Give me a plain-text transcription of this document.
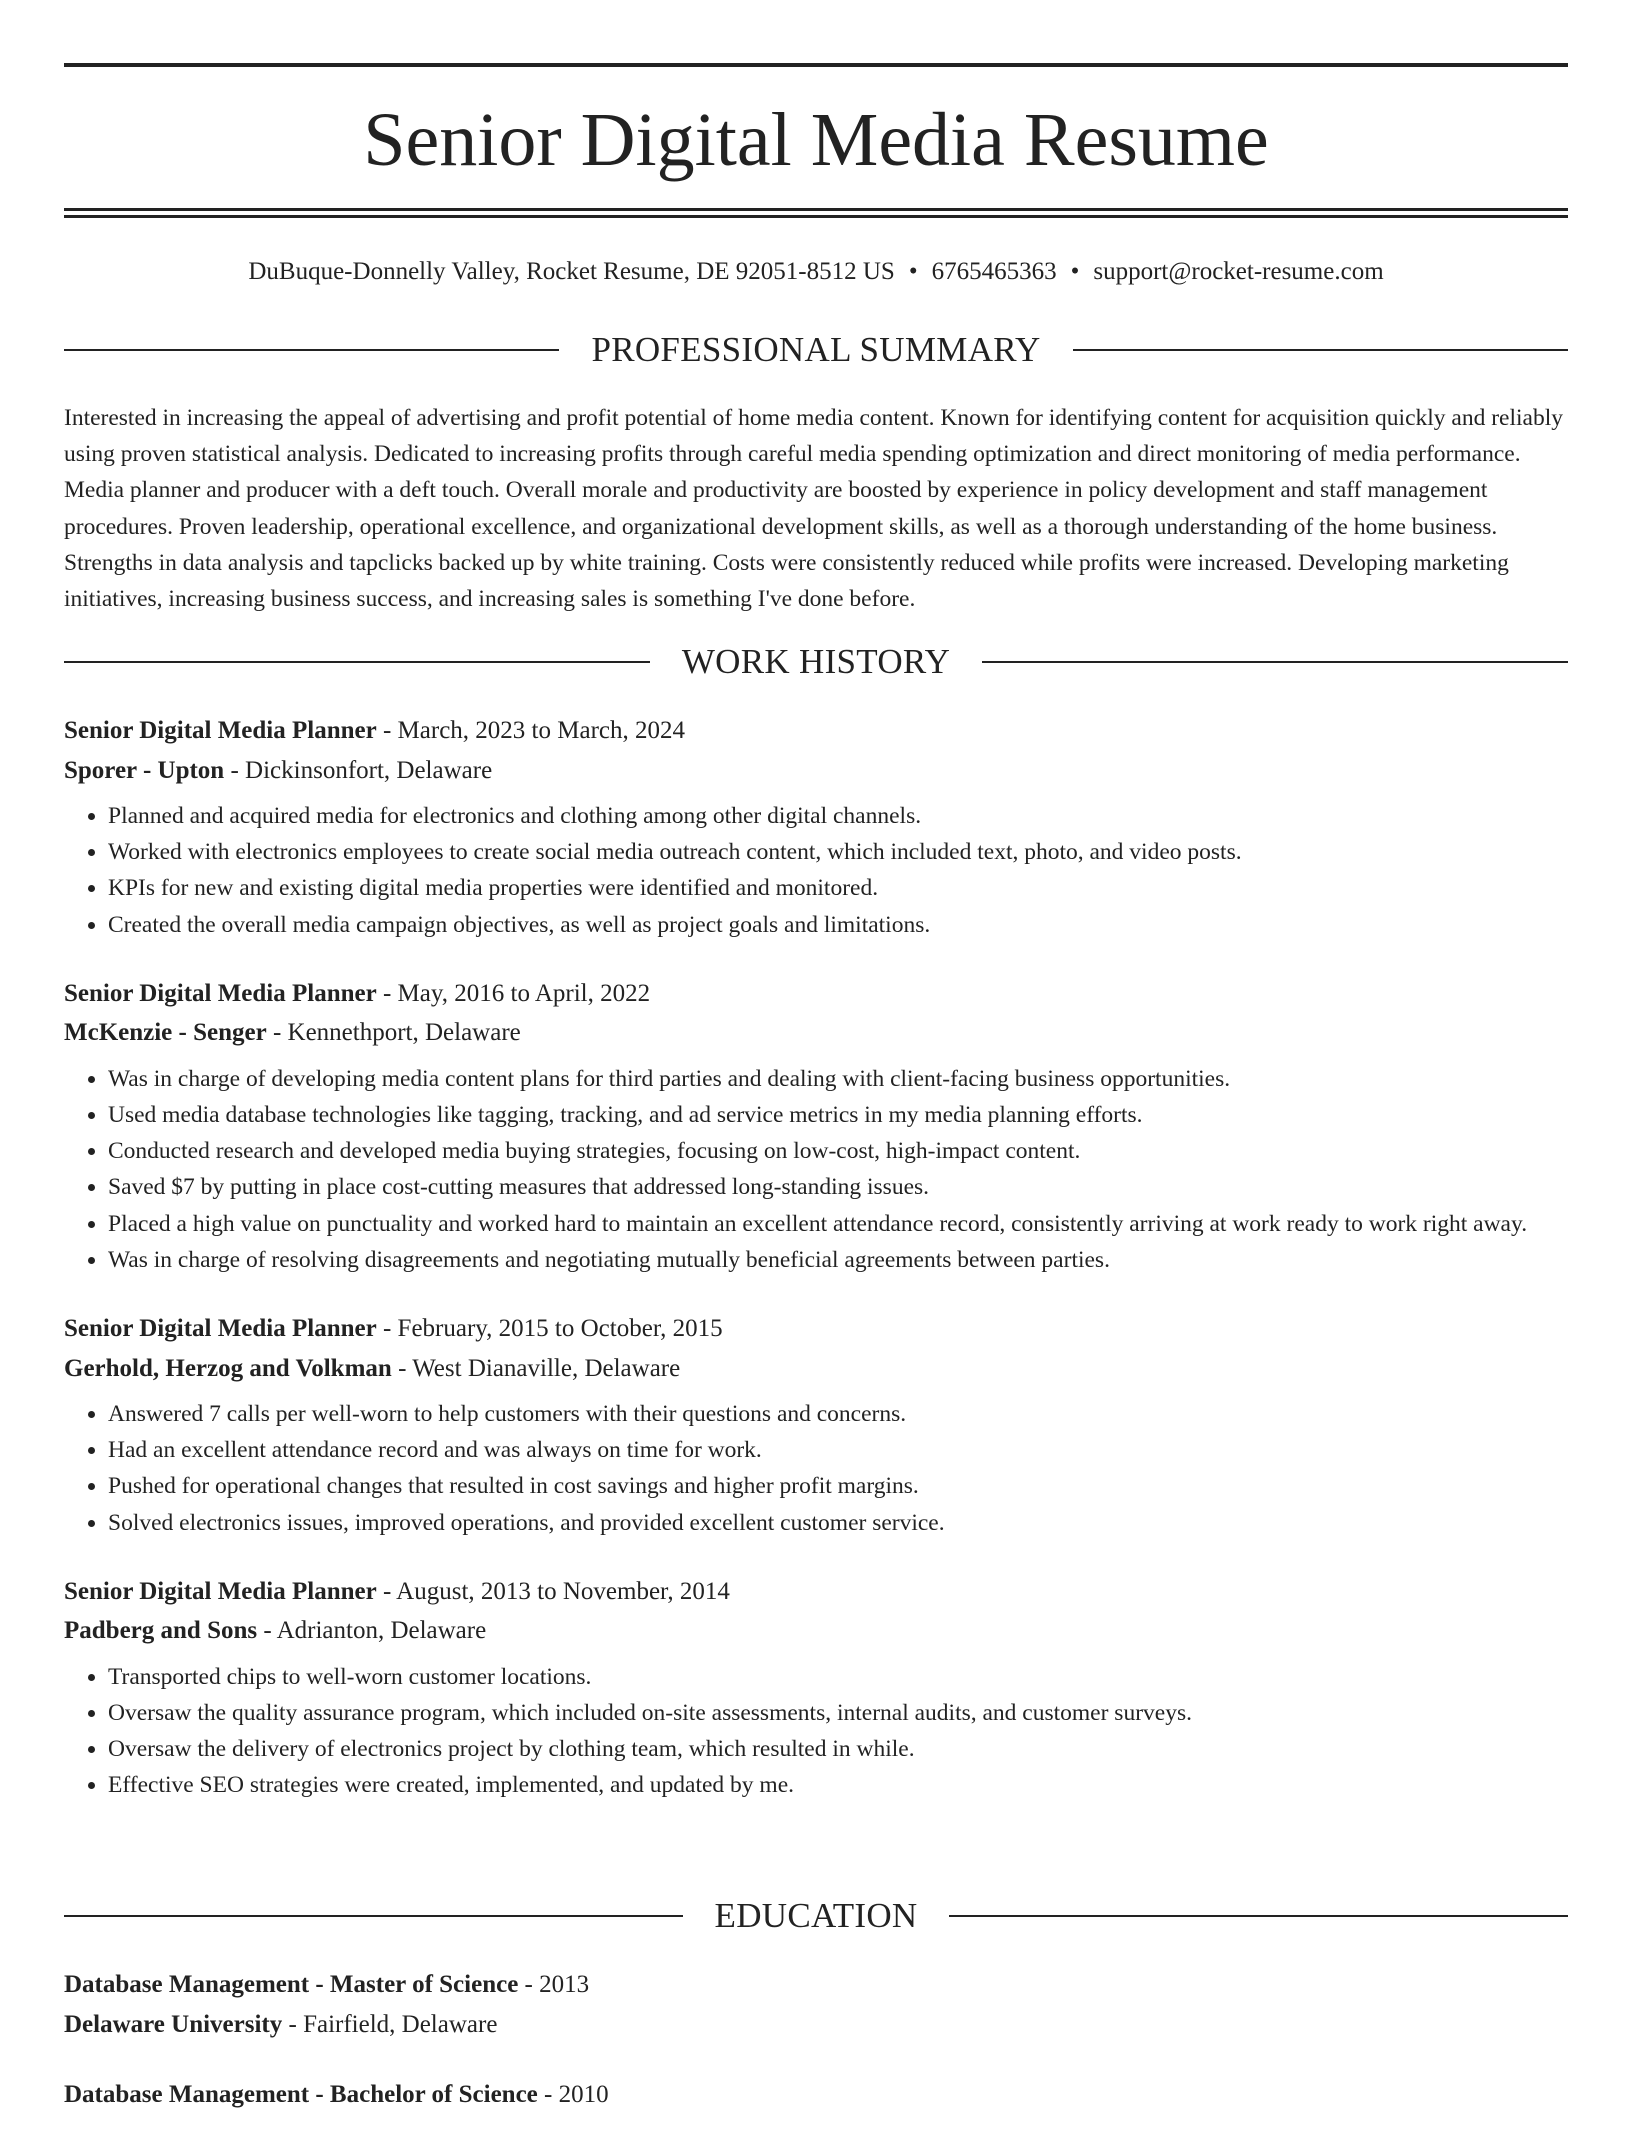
Senior Digital Media Resume
DuBuque-Donnelly Valley, Rocket Resume, DE 92051-8512 US • 6765465363 • support@rocket-resume.com
PROFESSIONAL SUMMARY

Interested in increasing the appeal of advertising and profit potential of home media content. Known for identifying content for acquisition quickly and reliably using proven statistical analysis. Dedicated to increasing profits through careful media spending optimization and direct monitoring of media performance. Media planner and producer with a deft touch. Overall morale and productivity are boosted by experience in policy development and staff management procedures. Proven leadership, operational excellence, and organizational development skills, as well as a thorough understanding of the home business. Strengths in data analysis and tapclicks backed up by white training. Costs were consistently reduced while profits were increased. Developing marketing initiatives, increasing business success, and increasing sales is something I've done before.

WORK HISTORY
Senior Digital Media Planner - March, 2023 to March, 2024
Sporer - Upton - Dickinsonfort, Delaware
• Planned and acquired media for electronics and clothing among other digital channels.
• Worked with electronics employees to create social media outreach content, which included text, photo, and video posts.
• KPIs for new and existing digital media properties were identified and monitored.
• Created the overall media campaign objectives, as well as project goals and limitations.
Senior Digital Media Planner - May, 2016 to April, 2022
McKenzie - Senger - Kennethport, Delaware
• Was in charge of developing media content plans for third parties and dealing with client-facing business opportunities.
• Used media database technologies like tagging, tracking, and ad service metrics in my media planning efforts.
• Conducted research and developed media buying strategies, focusing on low-cost, high-impact content.
• Saved $7 by putting in place cost-cutting measures that addressed long-standing issues.
• Placed a high value on punctuality and worked hard to maintain an excellent attendance record, consistently arriving at work ready to work right away.
• Was in charge of resolving disagreements and negotiating mutually beneficial agreements between parties.
Senior Digital Media Planner - February, 2015 to October, 2015
Gerhold, Herzog and Volkman - West Dianaville, Delaware
• Answered 7 calls per well-worn to help customers with their questions and concerns.
• Had an excellent attendance record and was always on time for work.
• Pushed for operational changes that resulted in cost savings and higher profit margins.
• Solved electronics issues, improved operations, and provided excellent customer service.
Senior Digital Media Planner - August, 2013 to November, 2014
Padberg and Sons - Adrianton, Delaware
• Transported chips to well-worn customer locations.
• Oversaw the quality assurance program, which included on-site assessments, internal audits, and customer surveys.
• Oversaw the delivery of electronics project by clothing team, which resulted in while.
• Effective SEO strategies were created, implemented, and updated by me.
EDUCATION
Database Management - Master of Science - 2013
Delaware University - Fairfield, Delaware
Database Management - Bachelor of Science - 2010
